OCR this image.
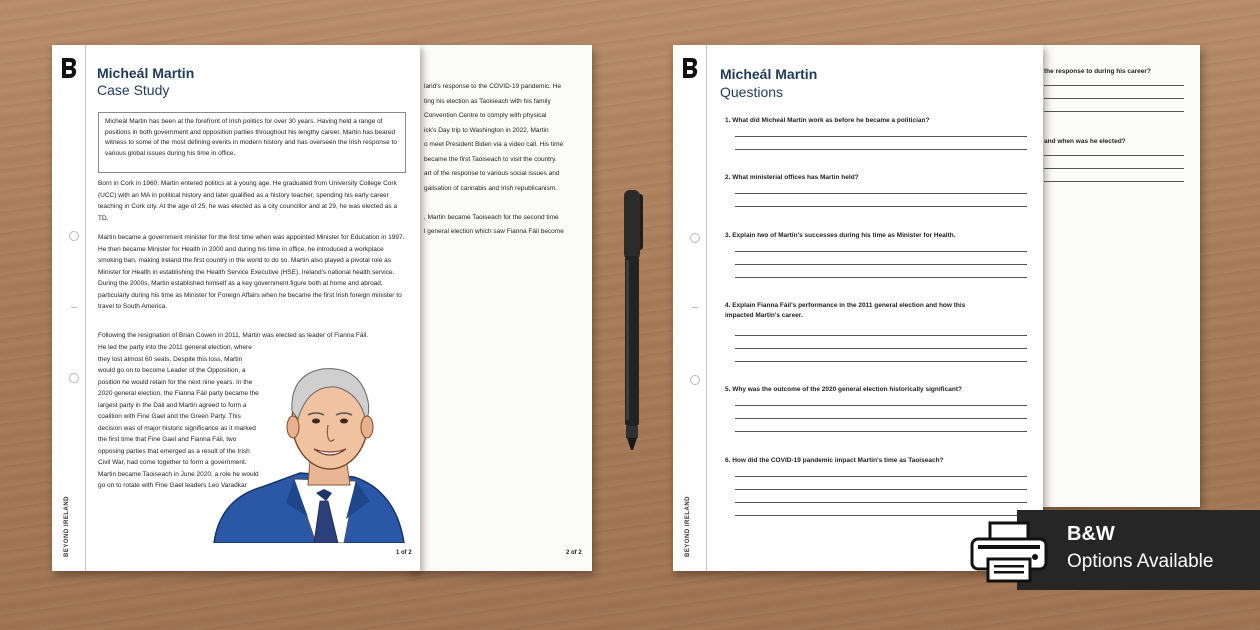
land's response to the COVID-19 pandemic. He
ting his election as Taoiseach with his family
Convention Centre to comply with physical
ick's Day trip to Washington in 2022, Martin
o meet President Biden via a video call. His time
became the first Taoiseach to visit the country.
art of the response to various social issues and
galisation of cannabis and Irish republicanism.
, Martin became Taoiseach for the second time
l general election which saw Fianna Fáil become
2 of 2
BEYOND IRELAND
Micheál Martin
Case Study
Micheál Martin has been at the forefront of Irish politics for over 30 years. Having held a range of positions in both government and opposition parties throughout his lengthy career, Martin has beared witness to some of the most defining events in modern history and has overseen the Irish response to various global issues during his time in office.
Born in Cork in 1960, Martin entered politics at a young age. He graduated from University College Cork (UCC) with an MA in political history and later qualified as a history teacher, spending his early career teaching in Cork city. At the age of 25, he was elected as a city councillor and at 29, he was elected as a TD.
Martin became a government minister for the first time when was appointed Minister for Education in 1997. He then became Minister for Health in 2000 and during his time in office, he introduced a workplace smoking ban, making Ireland the first country in the world to do so. Martin also played a pivotal role as Minister for Health in establishing the Health Service Executive (HSE), Ireland's national health service. During the 2000s, Martin established himself as a key government figure both at home and abroad, particularly during his time as Minister for Foreign Affairs when he became the first Irish foreign minister to travel to South America.
Following the resignation of Brian Cowen in 2011, Martin was elected as leader of Fianna Fáil.
He led the party into the 2011 general election, where they lost almost 60 seats. Despite this loss, Martin would go on to become Leader of the Opposition, a position he would retain for the next nine years. In the 2020 general election, the Fianna Fáil party became the largest party in the Dáil and Martin agreed to form a coalition with Fine Gael and the Green Party. This decision was of major historic significance as it marked the first time that Fine Gael and Fianna Fáil, two opposing parties that emerged as a result of the Irish Civil War, had come together to form a government. Martin became Taoiseach in June 2020, a role he would go on to rotate with Fine Gael leaders Leo Varadkar
1 of 2
the response to during his career?
and when was he elected?
BEYOND IRELAND
Micheál Martin
Questions
1. What did Micheál Martin work as before he became a politician?
2. What ministerial offices has Martin held?
3. Explain two of Martin's successes during his time as Minister for Health.
4. Explain Fianna Fáil's performance in the 2011 general election and how this impacted Martin's career.
5. Why was the outcome of the 2020 general election historically significant?
6. How did the COVID-19 pandemic impact Martin's time as Taoiseach?
B&W
Options Available
